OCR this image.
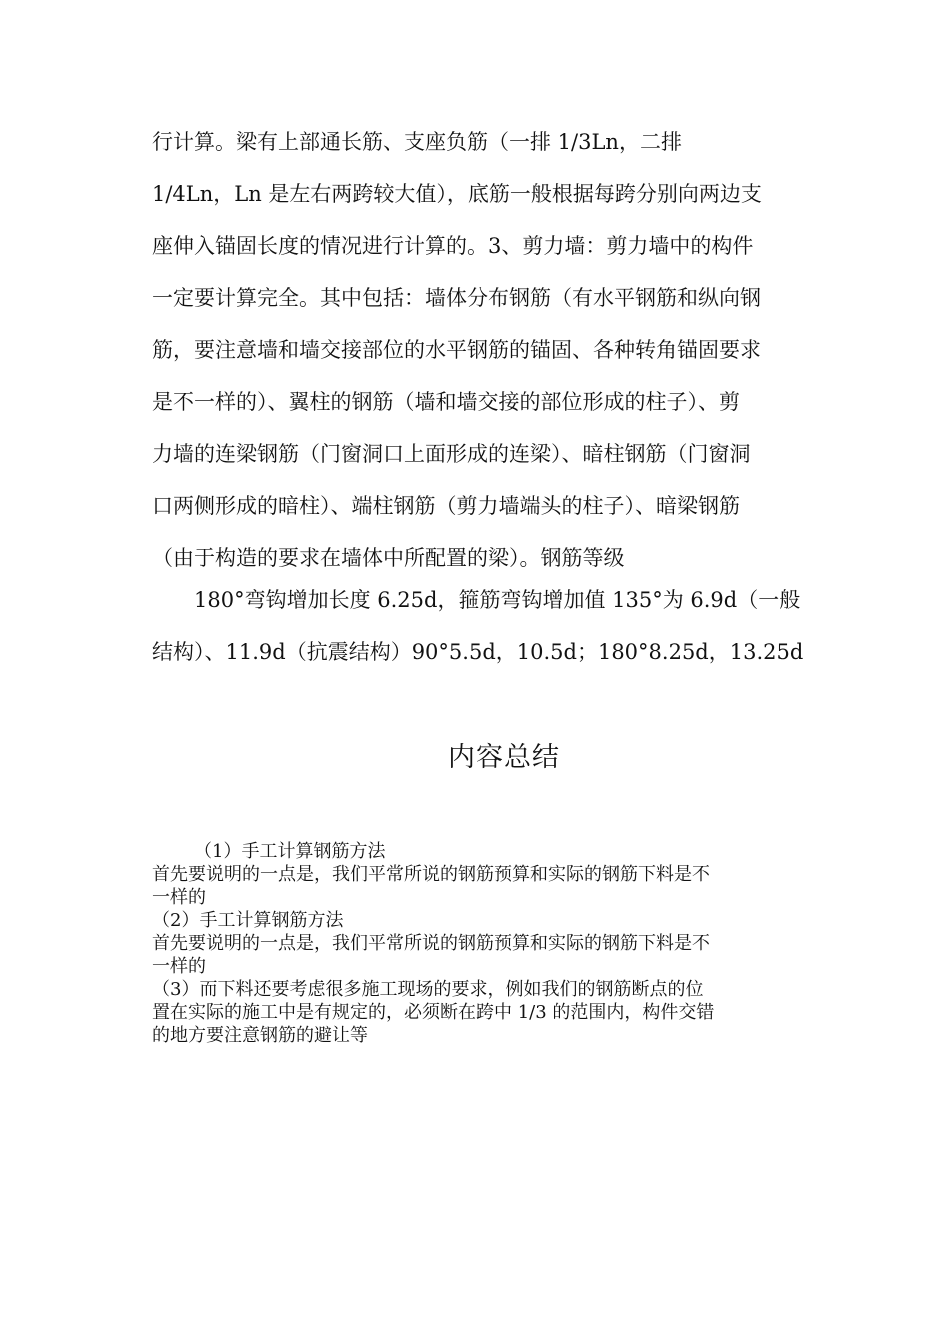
行计算。梁有上部通长筋、支座负筋（一排 1/3Ln，二排
1/4Ln，Ln 是左右两跨较大值），底筋一般根据每跨分别向两边支
座伸入锚固长度的情况进行计算的。3、剪力墙：剪力墙中的构件
一定要计算完全。其中包括：墙体分布钢筋（有水平钢筋和纵向钢
筋，要注意墙和墙交接部位的水平钢筋的锚固、各种转角锚固要求
是不一样的）、翼柱的钢筋（墙和墙交接的部位形成的柱子）、剪
力墙的连梁钢筋（门窗洞口上面形成的连梁）、暗柱钢筋（门窗洞
口两侧形成的暗柱）、端柱钢筋（剪力墙端头的柱子）、暗梁钢筋
（由于构造的要求在墙体中所配置的梁）。钢筋等级
180°弯钩增加长度 6.25d，箍筋弯钩增加值 135°为 6.9d（一般
结构）、11.9d（抗震结构）90°5.5d，10.5d；180°8.25d，13.25d
内容总结
（1）手工计算钢筋方法
首先要说明的一点是，我们平常所说的钢筋预算和实际的钢筋下料是不
一样的
（2）手工计算钢筋方法
首先要说明的一点是，我们平常所说的钢筋预算和实际的钢筋下料是不
一样的
（3）而下料还要考虑很多施工现场的要求，例如我们的钢筋断点的位
置在实际的施工中是有规定的，必须断在跨中 1/3 的范围内，构件交错
的地方要注意钢筋的避让等
